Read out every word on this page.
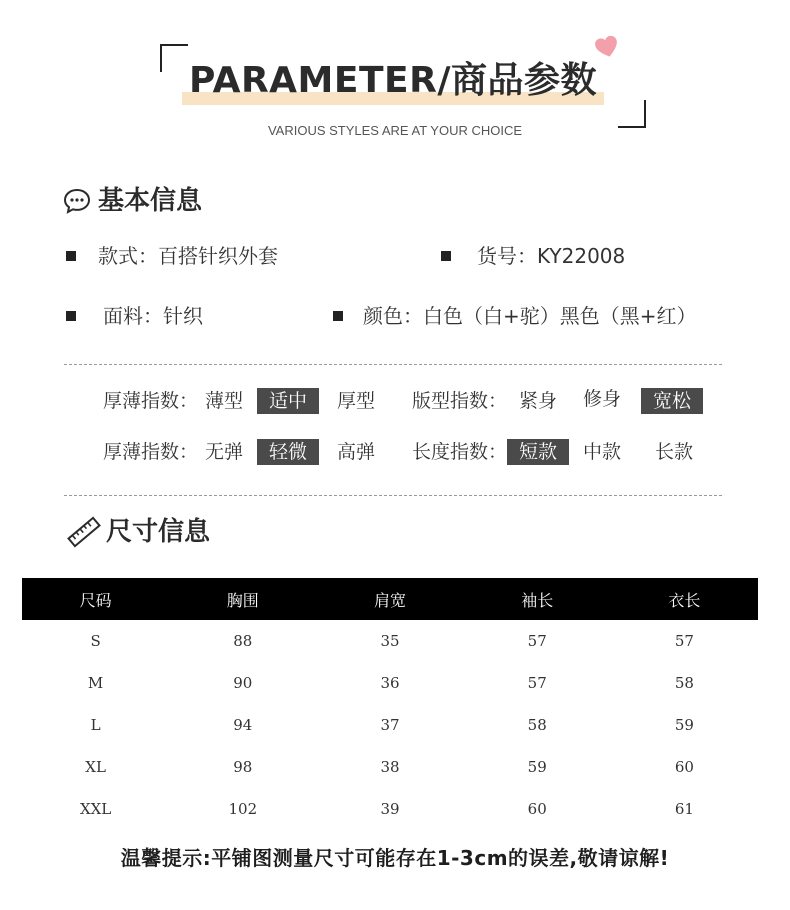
PARAMETER/商品参数
VARIOUS STYLES ARE AT YOUR CHOICE
基本信息
款式：百搭针织外套	货号：KY22008
面料：针织	颜色：白色（白+驼）黑色（黑+红）
厚薄指数： 薄型	适中	厚型 版型指数： 紧身 修身	宽松
厚薄指数： 无弹	轻微	高弹 长度指数： 短款	中款 长款
尺寸信息
尺码	胸围	肩宽	袖长	衣长
S	88	35	57	57
M	90	36	57	58
L	94	37	58	59
XL	98	38	59	60
XXL	102	39	60	61
温馨提示:平铺图测量尺寸可能存在1-3cm的误差,敬请谅解!
